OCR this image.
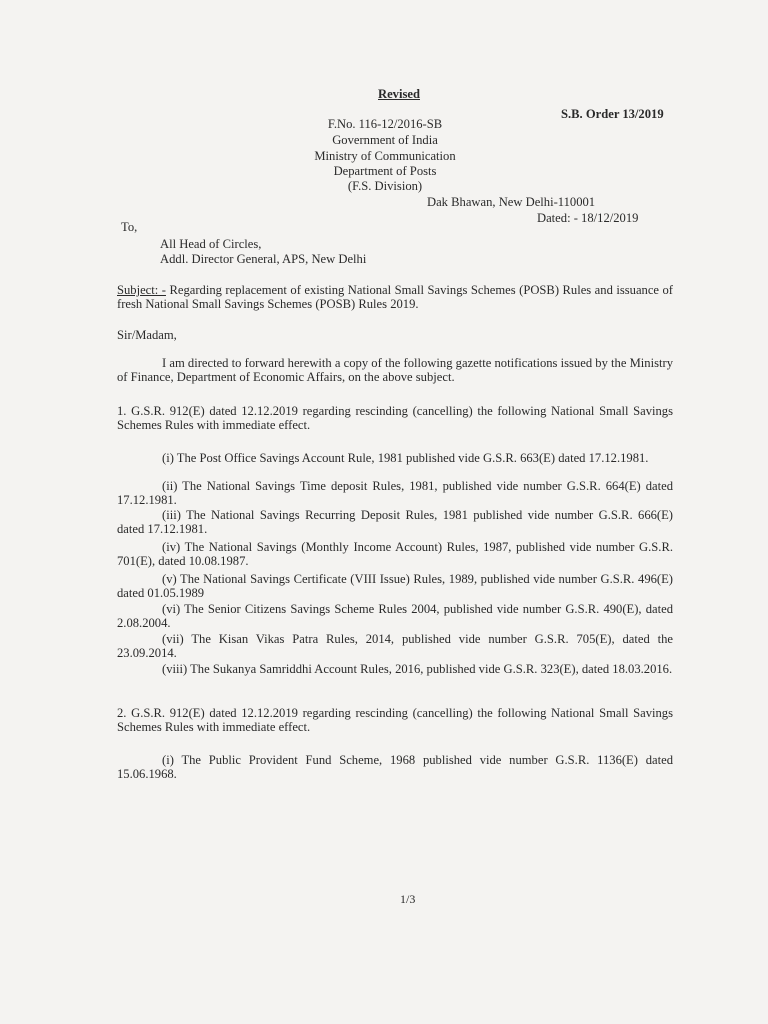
Revised
S.B. Order 13/2019
F.No. 116-12/2016-SB
Government of India
Ministry of Communication
Department of Posts
(F.S. Division)
Dak Bhawan, New Delhi-110001
Dated: - 18/12/2019
To,
All Head of Circles,
Addl. Director General, APS, New Delhi
Subject: - Regarding replacement of existing National Small Savings Schemes (POSB) Rules and issuance of fresh National Small Savings Schemes (POSB) Rules 2019.
Sir/Madam,
I am directed to forward herewith a copy of the following gazette notifications issued by the Ministry of Finance, Department of Economic Affairs, on the above subject.
1. G.S.R. 912(E) dated 12.12.2019 regarding rescinding (cancelling) the following National Small Savings Schemes Rules with immediate effect.
(i) The Post Office Savings Account Rule, 1981 published vide G.S.R. 663(E) dated 17.12.1981.
(ii) The National Savings Time deposit Rules, 1981, published vide number G.S.R. 664(E) dated 17.12.1981.
(iii) The National Savings Recurring Deposit Rules, 1981 published vide number G.S.R. 666(E) dated 17.12.1981.
(iv) The National Savings (Monthly Income Account) Rules, 1987, published vide number G.S.R. 701(E), dated 10.08.1987.
(v) The National Savings Certificate (VIII Issue) Rules, 1989, published vide number G.S.R. 496(E) dated 01.05.1989
(vi) The Senior Citizens Savings Scheme Rules 2004, published vide number G.S.R. 490(E), dated 2.08.2004.
(vii) The Kisan Vikas Patra Rules, 2014, published vide number G.S.R. 705(E), dated the 23.09.2014.
(viii) The Sukanya Samriddhi Account Rules, 2016, published vide G.S.R. 323(E), dated 18.03.2016.
2. G.S.R. 912(E) dated 12.12.2019 regarding rescinding (cancelling) the following National Small Savings Schemes Rules with immediate effect.
(i) The Public Provident Fund Scheme, 1968 published vide number G.S.R. 1136(E) dated 15.06.1968.
1/3
